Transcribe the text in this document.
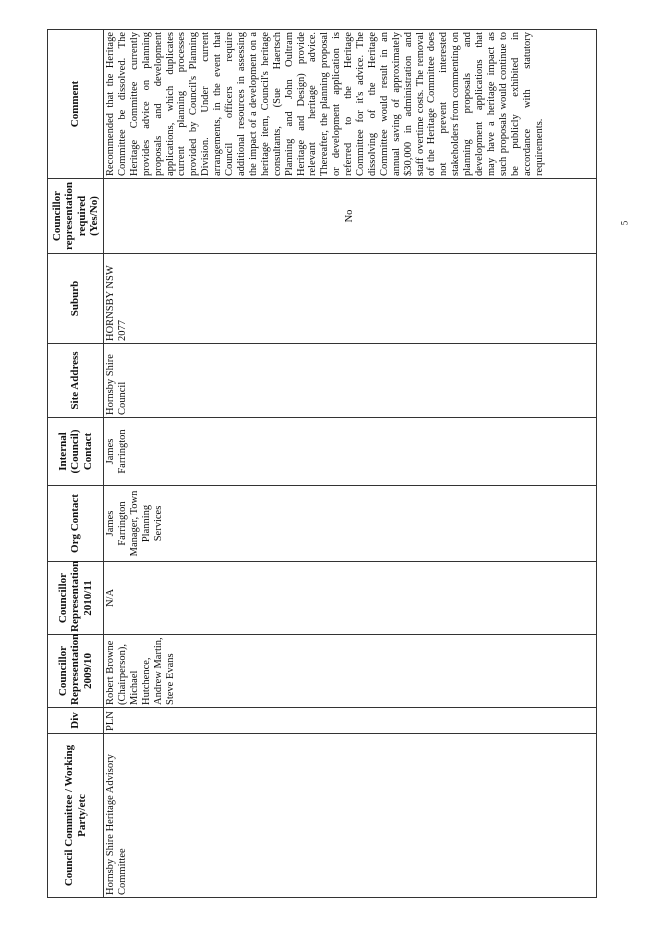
Council Committee / Working Party/etc	Div	Councillor Representation 2009/10	Councillor Representation 2010/11	Org Contact	Internal (Council) Contact	Site Address	Suburb	Councillor representation required (Yes/No)	Comment
Hornsby Shire Heritage Advisory Committee	PLN	Robert Browne (Chairperson), Michael Hutchence, Andrew Martin, Steve Evans	N/A	James Farrington Manager, Town Planning Services	James Farrington	Hornsby Shire Council	HORNSBY NSW 2077	No	Recommended that the Heritage Committee be dissolved. The Heritage Committee currently provides advice on planning proposals and development applications, which duplicates current planning processes provided by Council's Planning Division. Under current arrangements, in the event that Council officers require additional resources in assessing the impact of a development on a heritage item, Council's heritage consultants, (Sue Haertsch Planning and John Oultram Heritage and Design) provide relevant heritage advice. Thereafter, the planning proposal or development application is referred to the Heritage Committee for it's advice. The dissolving of the Heritage Committee would result in an annual saving of approximately $30,000 in administration and staff overtime costs. The removal of the Heritage Committee does not prevent interested stakeholders from commenting on planning proposals and development applications that may have a heritage impact as such proposals would continue to be publicly exhibited in accordance with statutory requirements.
5
